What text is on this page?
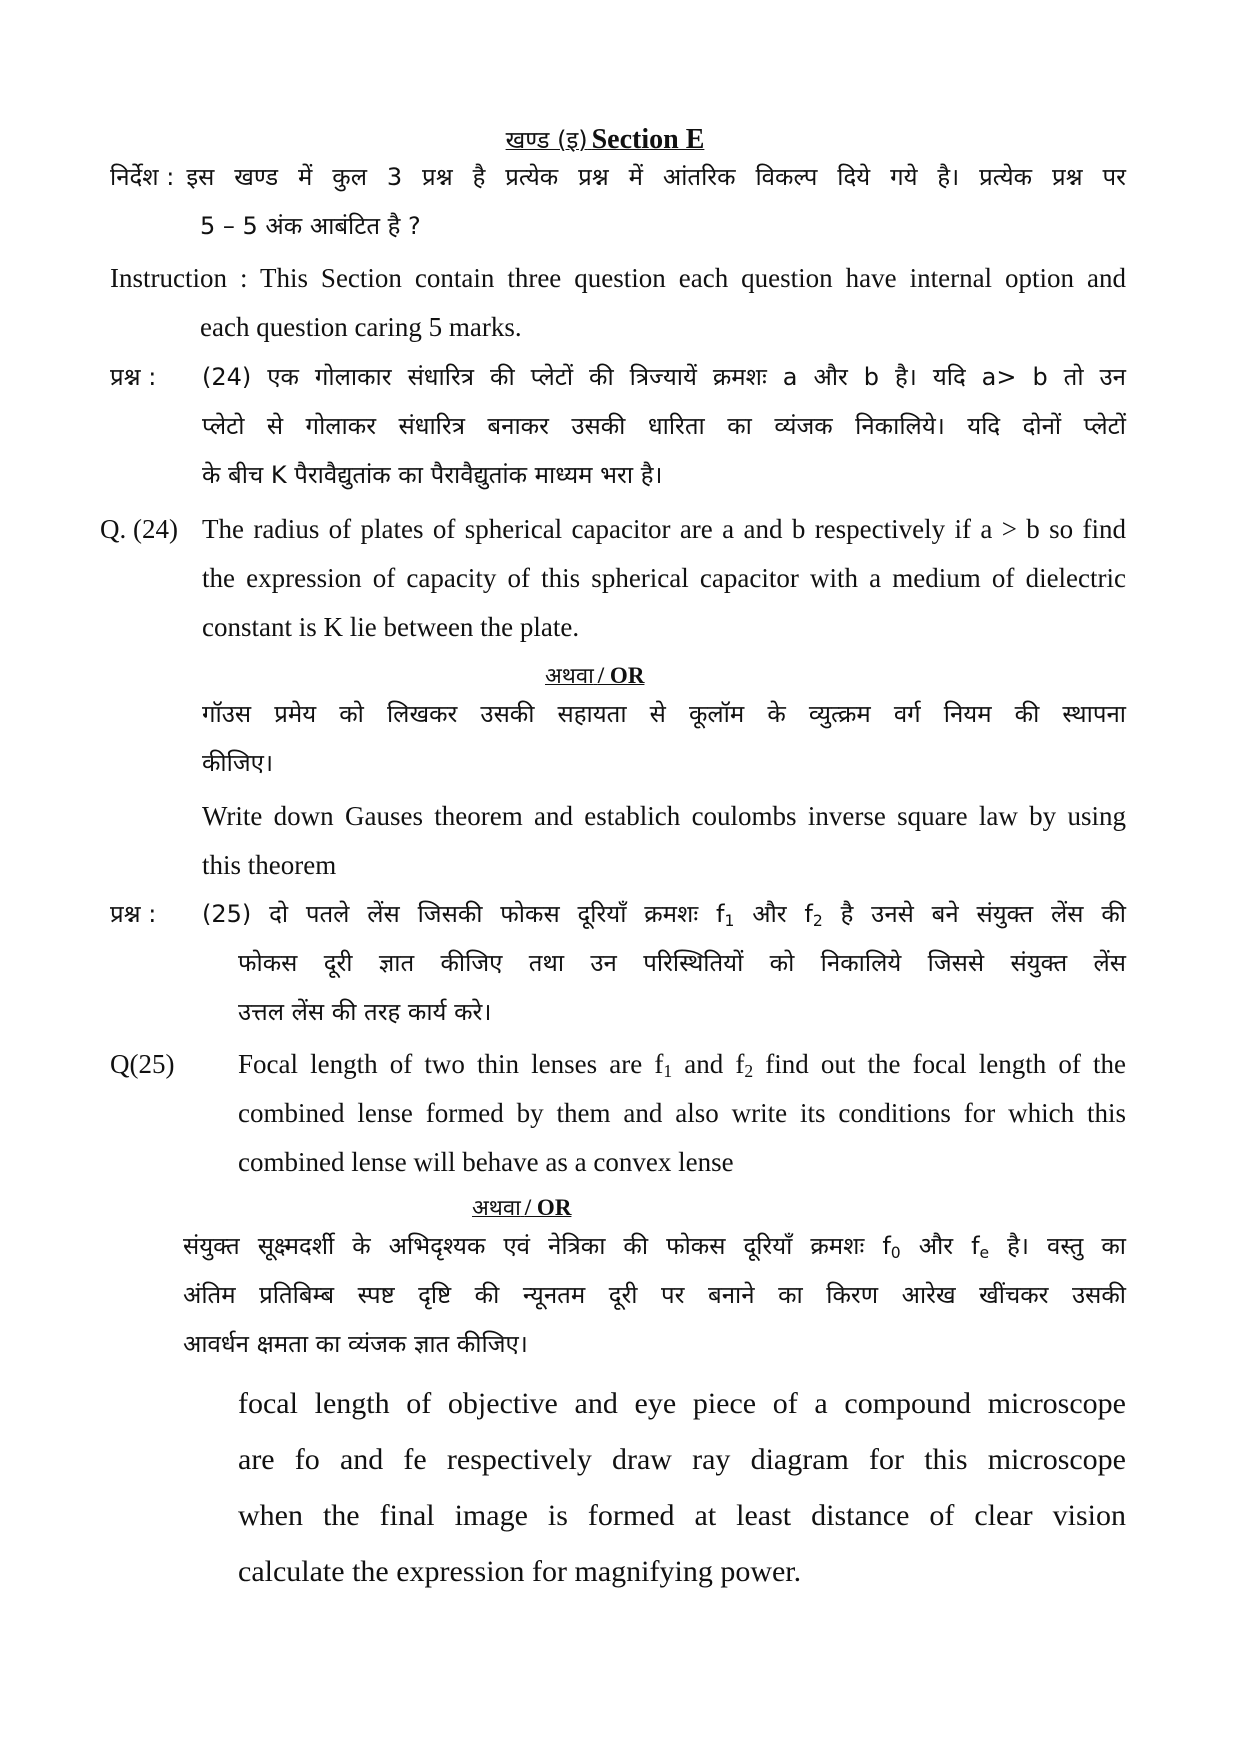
खण्ड (इ) Section E
निर्देश : इस खण्ड में कुल 3 प्रश्न है प्रत्येक प्रश्न में आंतरिक विकल्प दिये गये है। प्रत्येक प्रश्न पर
5 – 5 अंक आबंटित है ?
Instruction : This Section contain three question each question have internal option and
each question caring 5 marks.
प्रश्न :	(24) एक गोलाकार संधारित्र की प्लेटों की त्रिज्यायें क्रमशः a और b है। यदि a> b तो उन
प्लेटो से गोलाकर संधारित्र बनाकर उसकी धारिता का व्यंजक निकालिये। यदि दोनों प्लेटों
के बीच K पैरावैद्युतांक का पैरावैद्युतांक माध्यम भरा है।
Q. (24) The radius of plates of spherical capacitor are a and b respectively if a > b so find
the expression of capacity of this spherical capacitor with a medium of dielectric
constant is K lie between the plate.
अथवा / OR
गॉउस प्रमेय को लिखकर उसकी सहायता से कूलॉम के व्युत्क्रम वर्ग नियम की स्थापना
कीजिए।
Write down Gauses theorem and establich coulombs inverse square law by using
this theorem
प्रश्न :	(25) दो पतले लेंस जिसकी फोकस दूरियाँ क्रमशः $f_1$ और $f_2$ है उनसे बने संयुक्त लेंस की
फोकस दूरी ज्ञात कीजिए तथा उन परिस्थितियों को निकालिये जिससे संयुक्त लेंस
उत्तल लेंस की तरह कार्य करे।
Q(25)	Focal length of two thin lenses are $f_1$ and $f_2$ find out the focal length of the
combined lense formed by them and also write its conditions for which this
combined lense will behave as a convex lense
अथवा / OR
संयुक्त सूक्ष्मदर्शी के अभिदृश्यक एवं नेत्रिका की फोकस दूरियाँ क्रमशः $f_0$ और $f_e$ है। वस्तु का
अंतिम प्रतिबिम्ब स्पष्ट दृष्टि की न्यूनतम दूरी पर बनाने का किरण आरेख खींचकर उसकी
आवर्धन क्षमता का व्यंजक ज्ञात कीजिए।
focal length of objective and eye piece of a compound microscope
are fo and fe respectively draw ray diagram for this microscope
when the final image is formed at least distance of clear vision
calculate the expression for magnifying power.
